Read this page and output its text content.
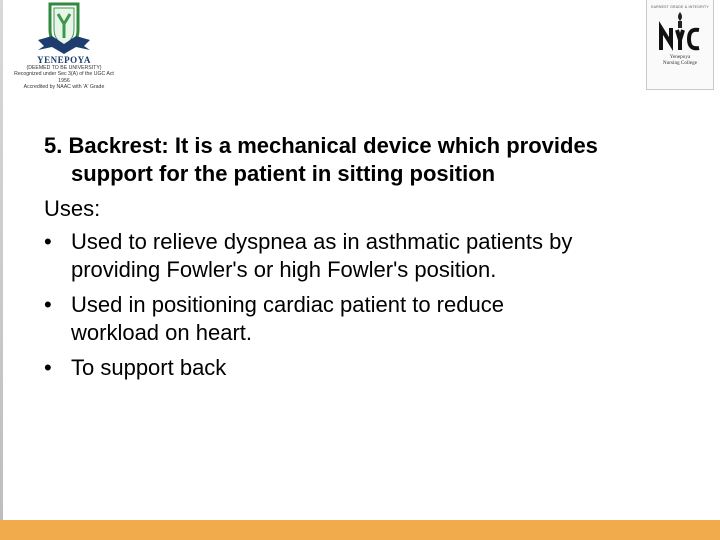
YENEPOYA
(DEEMED TO BE UNIVERSITY)
Recognized under Sec 3(A) of the UGC Act 1956
Accredited by NAAC with 'A' Grade
EARNEST GRADE & INTEGRITY
Yenepoya
Nursing College

5. Backrest: It is a mechanical device which provides
support for the patient in sitting position

Uses:
• Used to relieve dyspnea as in asthmatic patients by
providing Fowler's or high Fowler's position.
• Used in positioning cardiac patient to reduce
workload on heart.
• To support back
